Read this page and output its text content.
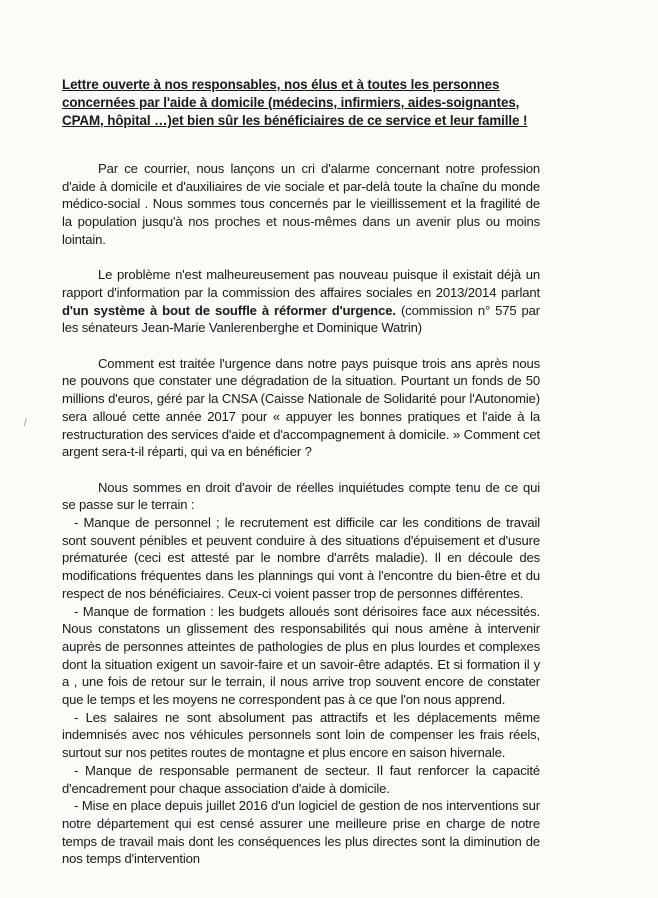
Lettre ouverte à nos responsables, nos élus et à toutes les personnes concernées par l'aide à domicile (médecins, infirmiers, aides-soignantes, CPAM, hôpital …)et bien sûr les bénéficiaires de ce service et leur famille !
/

Par ce courrier, nous lançons un cri d'alarme concernant notre profession d'aide à domicile et d'auxiliaires de vie sociale et par-delà toute la chaîne du monde médico-social . Nous sommes tous concernés par le vieillissement et la fragilité de la population jusqu'à nos proches et nous-mêmes dans un avenir plus ou moins lointain.

Le problème n'est malheureusement pas nouveau puisque il existait déjà un rapport d'information par la commission des affaires sociales en 2013/2014 parlant d'un système à bout de souffle à réformer d'urgence. (commission n° 575 par les sénateurs Jean-Marie Vanlerenberghe et Dominique Watrin)

Comment est traitée l'urgence dans notre pays puisque trois ans après nous ne pouvons que constater une dégradation de la situation. Pourtant un fonds de 50 millions d'euros, géré par la CNSA (Caisse Nationale de Solidarité pour l'Autonomie) sera alloué cette année 2017 pour « appuyer les bonnes pratiques et l'aide à la restructuration des services d'aide et d'accompagnement à domicile. » Comment cet argent sera-t-il réparti, qui va en bénéficier ?

Nous sommes en droit d'avoir de réelles inquiétudes compte tenu de ce qui se passe sur le terrain :

- Manque de personnel ; le recrutement est difficile car les conditions de travail sont souvent pénibles et peuvent conduire à des situations d'épuisement et d'usure prématurée (ceci est attesté par le nombre d'arrêts maladie). Il en découle des modifications fréquentes dans les plannings qui vont à l'encontre du bien-être et du respect de nos bénéficiaires. Ceux-ci voient passer trop de personnes différentes.

- Manque de formation : les budgets alloués sont dérisoires face aux nécessités. Nous constatons un glissement des responsabilités qui nous amène à intervenir auprès de personnes atteintes de pathologies de plus en plus lourdes et complexes dont la situation exigent un savoir-faire et un savoir-être adaptés. Et si formation il y a , une fois de retour sur le terrain, il nous arrive trop souvent encore de constater que le temps et les moyens ne correspondent pas à ce que l'on nous apprend.

- Les salaires ne sont absolument pas attractifs et les déplacements même indemnisés avec nos véhicules personnels sont loin de compenser les frais réels, surtout sur nos petites routes de montagne et plus encore en saison hivernale.

- Manque de responsable permanent de secteur. Il faut renforcer la capacité d'encadrement pour chaque association d'aide à domicile.

- Mise en place depuis juillet 2016 d'un logiciel de gestion de nos interventions sur notre département qui est censé assurer une meilleure prise en charge de notre temps de travail mais dont les conséquences les plus directes sont la diminution de nos temps d'intervention
